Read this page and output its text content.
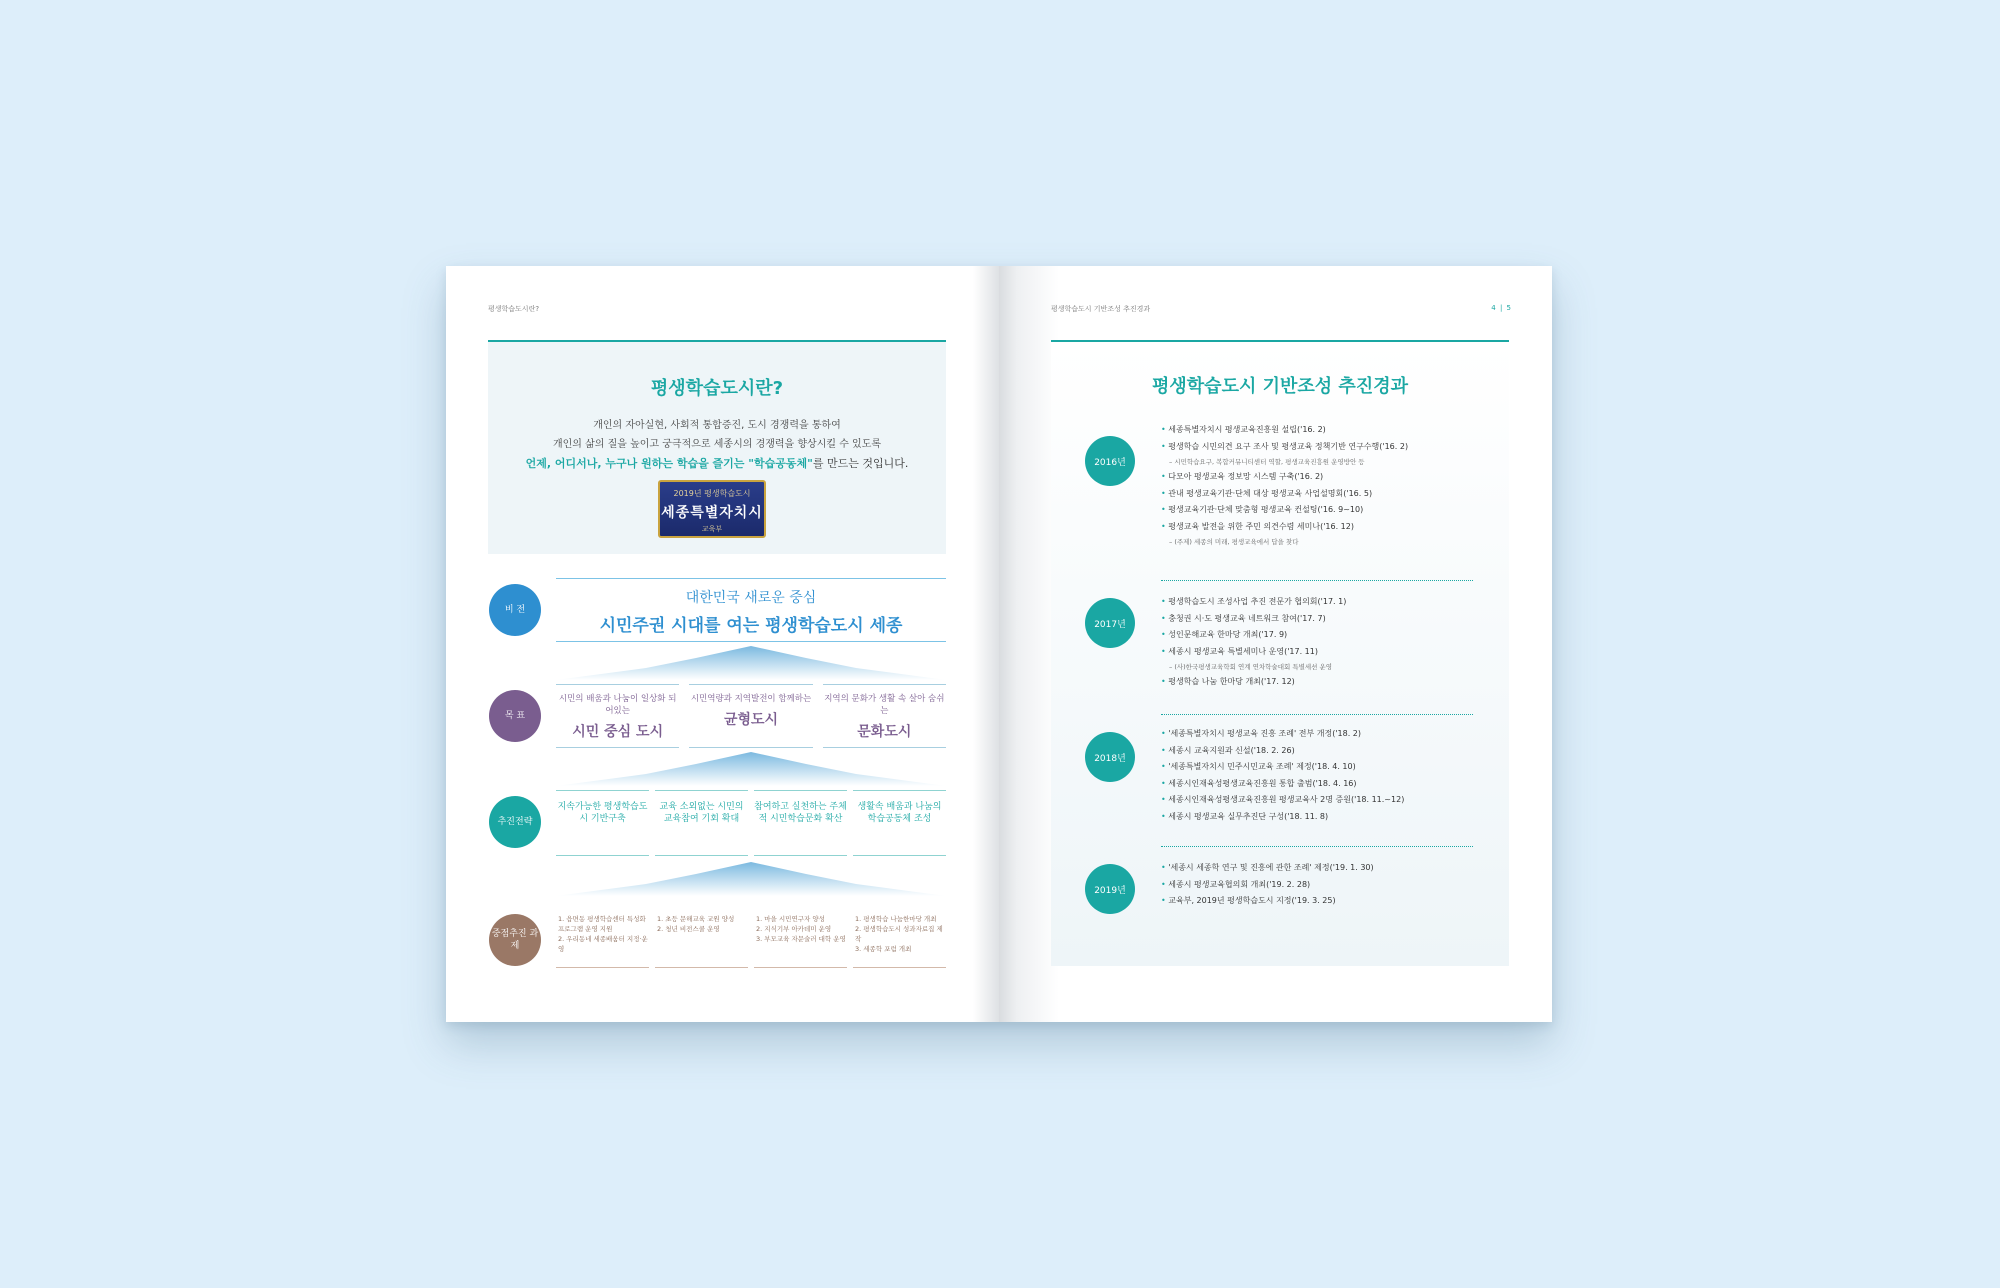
평생학습도시란?
평생학습도시란?

개인의 자아실현, 사회적 통합증진, 도시 경쟁력을 통하여

개인의 삶의 질을 높이고 궁극적으로 세종시의 경쟁력을 향상시킬 수 있도록

언제, 어디서나, 누구나 원하는 학습을 즐기는 "학습공동체"를 만드는 것입니다.

2019년 평생학습도시
세종특별자치시
교육부
비 전
대한민국 새로운 중심
시민주권 시대를 여는 평생학습도시 세종
목 표
시민의 배움과 나눔이 일상화 되어있는
시민 중심 도시
시민역량과 지역발전이 함께하는
균형도시
지역의 문화가 생활 속 살아 숨쉬는
문화도시
추진전략
지속가능한 평생학습도시 기반구축
교육 소외없는 시민의 교육참여 기회 확대
참여하고 실천하는 주체적 시민학습문화 확산
생활속 배움과 나눔의 학습공동체 조성
중점추진 과제
1. 읍면동 평생학습센터 특성화 프로그램 운영 지원
2. 우리동네 세종배움터 지정·운영
1. 초등 문해교육 교원 양성
2. 청년 비전스쿨 운영
1. 마을 시민연구자 양성
2. 지식기부 아카데미 운영
3. 부모교육 자문술러 대학 운영
1. 평생학습 나눔한마당 개최
2. 평생학습도시 성과자료집 제작
3. 세종학 포럼 개최
평생학습도시 기반조성 추진경과	4 | 5
평생학습도시 기반조성 추진경과
2016년
• 세종특별자치시 평생교육진흥원 설립('16. 2)
• 평생학습 시민의견 요구 조사 및 평생교육 정책기반 연구수행('16. 2)
– 시민학습요구, 복합커뮤니티센터 역할, 평생교육진흥원 운영방안 등
• 다모아 평생교육 정보망 시스템 구축('16. 2)
• 관내 평생교육기관·단체 대상 평생교육 사업설명회('16. 5)
• 평생교육기관·단체 맞춤형 평생교육 컨설팅('16. 9~10)
• 평생교육 발전을 위한 주민 의견수렴 세미나('16. 12)
– (주제) 세종의 미래, 평생교육에서 답을 찾다
2017년
• 평생학습도시 조성사업 추진 전문가 협의회('17. 1)
• 충청권 시·도 평생교육 네트워크 참여('17. 7)
• 성인문해교육 한마당 개최('17. 9)
• 세종시 평생교육 특별세미나 운영('17. 11)
– (사)한국평생교육학회 연계 연차학술대회 특별세션 운영
• 평생학습 나눔 한마당 개최('17. 12)
2018년
• '세종특별자치시 평생교육 진흥 조례' 전부 개정('18. 2)
• 세종시 교육지원과 신설('18. 2. 26)
• '세종특별자치시 민주시민교육 조례' 제정('18. 4. 10)
• 세종시인재육성평생교육진흥원 통합 출범('18. 4. 16)
• 세종시인재육성평생교육진흥원 평생교육사 2명 증원('18. 11.~12)
• 세종시 평생교육 실무추진단 구성('18. 11. 8)
2019년
• '세종시 세종학 연구 및 진흥에 관한 조례' 제정('19. 1. 30)
• 세종시 평생교육협의회 개최('19. 2. 28)
• 교육부, 2019년 평생학습도시 지정('19. 3. 25)
